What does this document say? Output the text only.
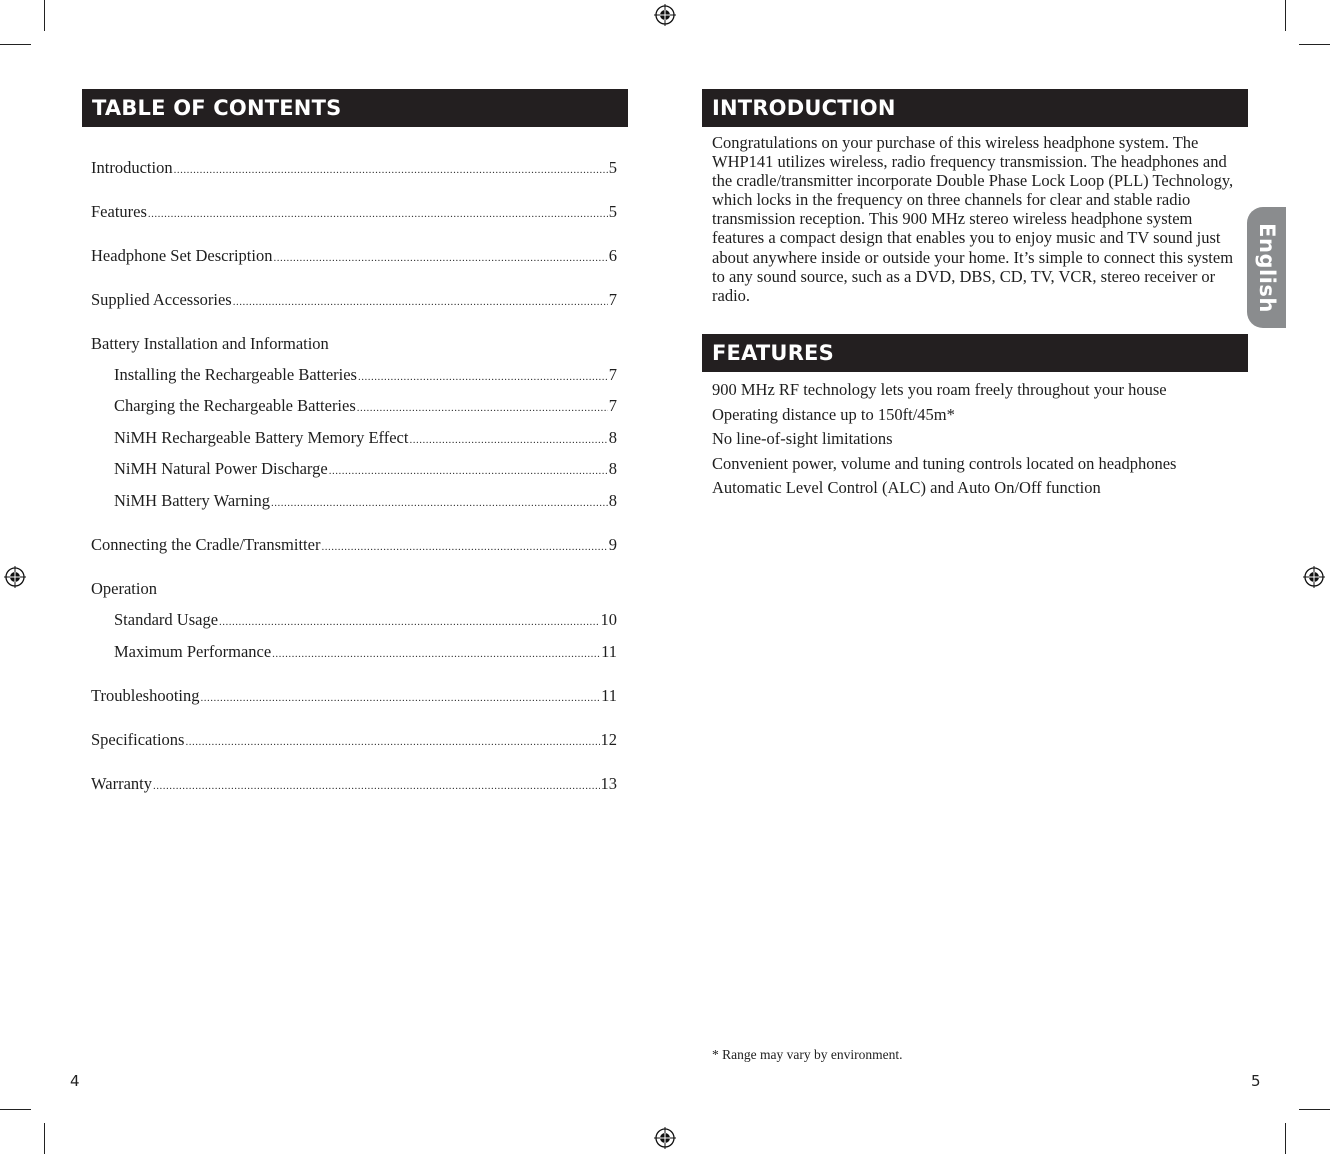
TABLE OF CONTENTS
Introduction .....	5
Features .....	5
Headphone Set Description .....	6
Supplied Accessories .....	7
Battery Installation and Information
Installing the Rechargeable Batteries .....	7
Charging the Rechargeable Batteries .....	7
NiMH Rechargeable Battery Memory Effect .....	8
NiMH Natural Power Discharge .....	8
NiMH Battery Warning .....	8
Connecting the Cradle/Transmitter .....	9
Operation
Standard Usage .....	10
Maximum Performance .....	11
Troubleshooting .....	11
Specifications .....	12
Warranty .....	13
4
INTRODUCTION
Congratulations on your purchase of this wireless headphone system. The WHP141 utilizes wireless, radio frequency transmission. The headphones and the cradle/transmitter incorporate Double Phase Lock Loop (PLL) Technology, which locks in the frequency on three channels for clear and stable radio transmission reception. This 900 MHz stereo wireless headphone system features a compact design that enables you to enjoy music and TV sound just about anywhere inside or outside your home. It’s simple to connect this system to any sound source, such as a DVD, DBS, CD, TV, VCR, stereo receiver or radio.
FEATURES
900 MHz RF technology lets you roam freely throughout your house
Operating distance up to 150ft/45m*
No line-of-sight limitations
Convenient power, volume and tuning controls located on headphones
Automatic Level Control (ALC) and Auto On/Off function
English
* Range may vary by environment.
5
